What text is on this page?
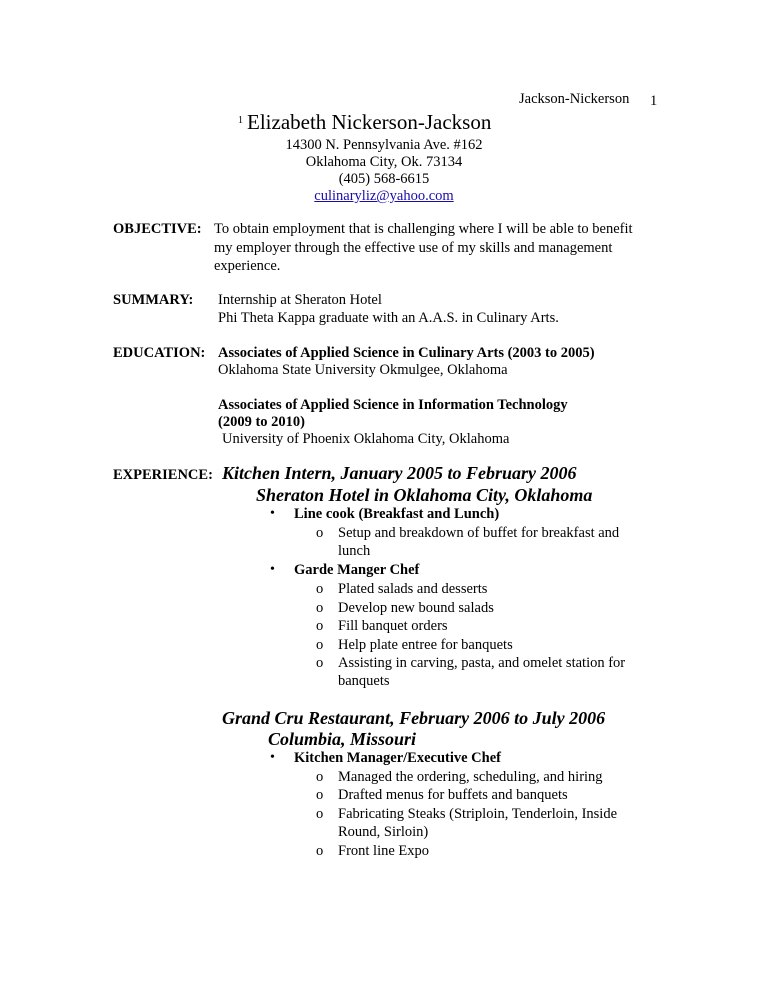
Jackson-Nickerson 1
1 Elizabeth Nickerson-Jackson
14300 N. Pennsylvania Ave. #162
Oklahoma City, Ok. 73134
(405) 568-6615
culinaryliz@yahoo.com
OBJECTIVE: To obtain employment that is challenging where I will be able to benefit
my employer through the effective use of my skills and management
experience.
SUMMARY: Internship at Sheraton Hotel
Phi Theta Kappa graduate with an A.A.S. in Culinary Arts.
EDUCATION: Associates of Applied Science in Culinary Arts (2003 to 2005)
Oklahoma State University Okmulgee, Oklahoma
Associates of Applied Science in Information Technology
(2009 to 2010)
University of Phoenix Oklahoma City, Oklahoma
EXPERIENCE: Kitchen Intern, January 2005 to February 2006
Sheraton Hotel in Oklahoma City, Oklahoma
• Line cook (Breakfast and Lunch)
o Setup and breakdown of buffet for breakfast and
lunch
• Garde Manger Chef
o Plated salads and desserts
o Develop new bound salads
o Fill banquet orders
o Help plate entree for banquets
o Assisting in carving, pasta, and omelet station for
banquets
Grand Cru Restaurant, February 2006 to July 2006
Columbia, Missouri
• Kitchen Manager/Executive Chef
o Managed the ordering, scheduling, and hiring
o Drafted menus for buffets and banquets
o Fabricating Steaks (Striploin, Tenderloin, Inside
Round, Sirloin)
o Front line Expo
